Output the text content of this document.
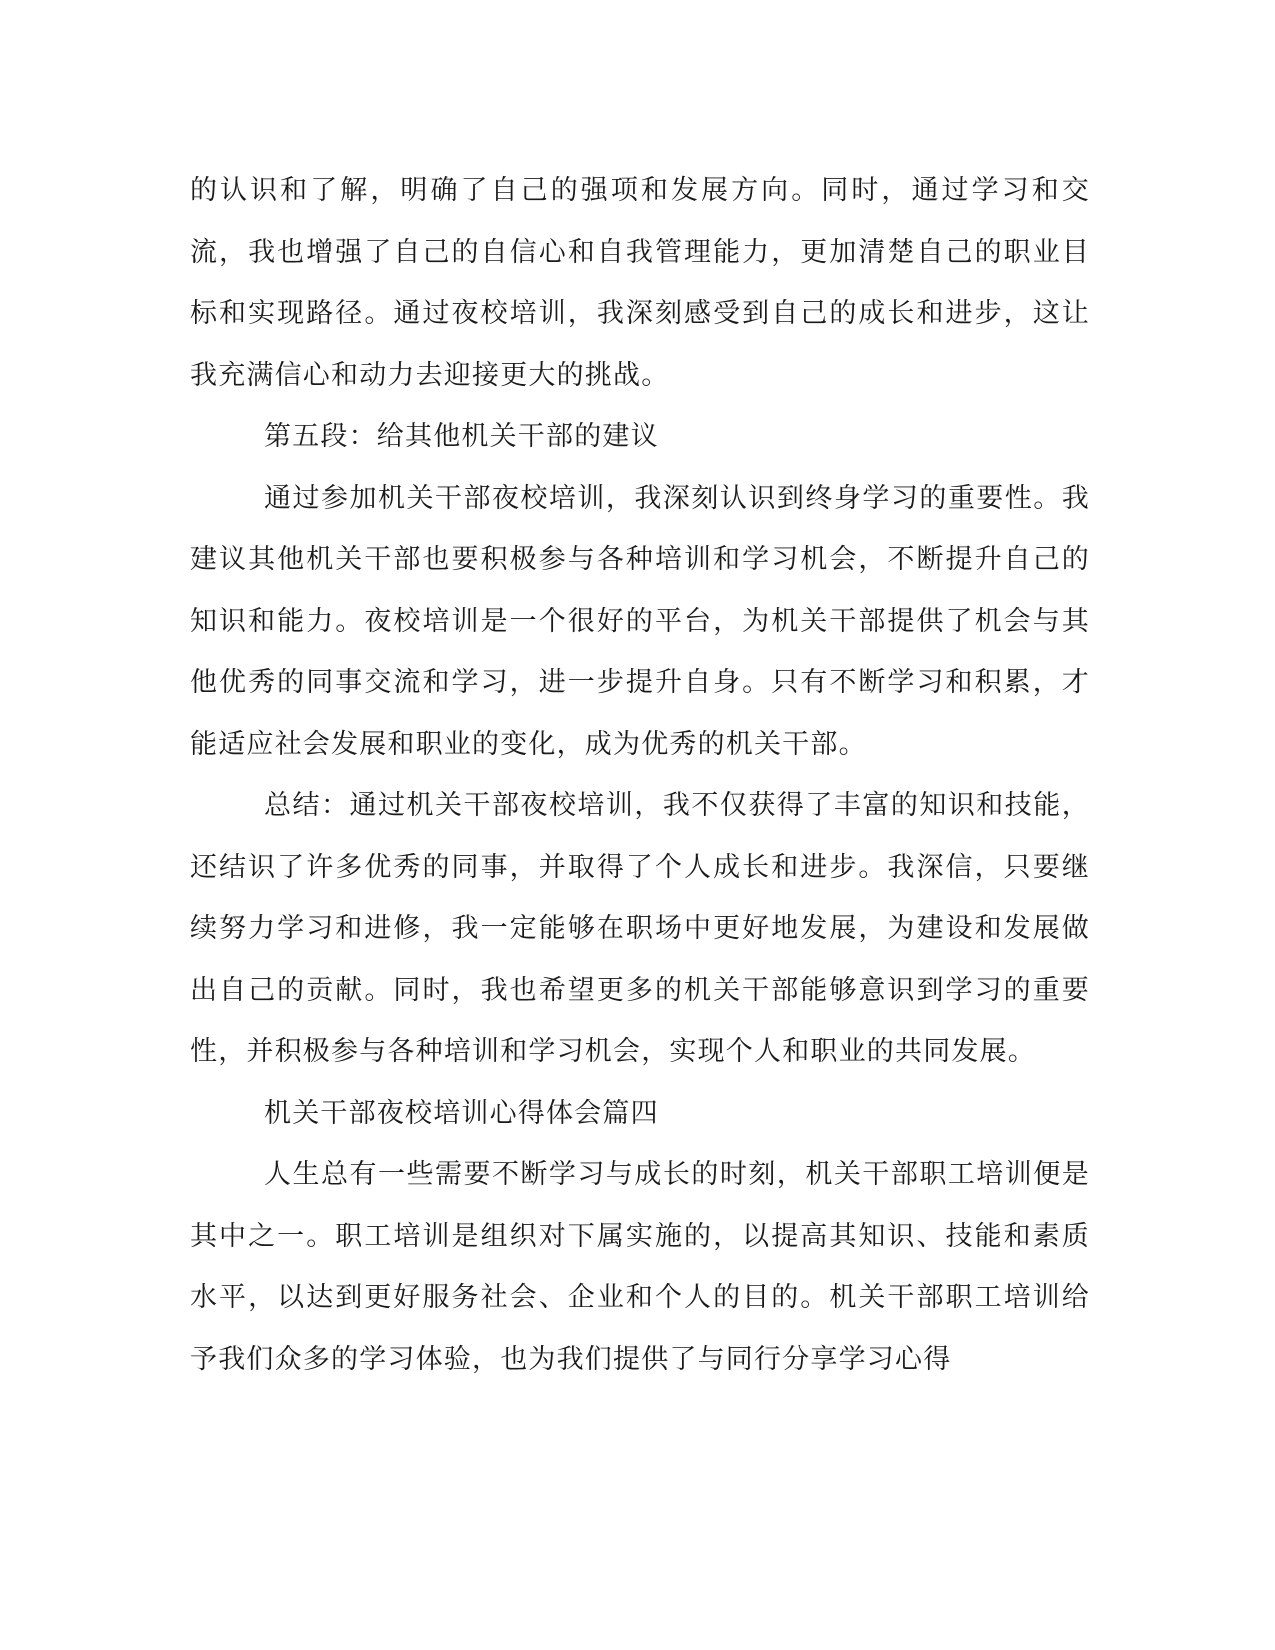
的认识和了解，明确了自己的强项和发展方向。同时，通过学习和交流，我也增强了自己的自信心和自我管理能力，更加清楚自己的职业目标和实现路径。通过夜校培训，我深刻感受到自己的成长和进步，这让我充满信心和动力去迎接更大的挑战。

第五段：给其他机关干部的建议

通过参加机关干部夜校培训，我深刻认识到终身学习的重要性。我建议其他机关干部也要积极参与各种培训和学习机会，不断提升自己的知识和能力。夜校培训是一个很好的平台，为机关干部提供了机会与其他优秀的同事交流和学习，进一步提升自身。只有不断学习和积累，才能适应社会发展和职业的变化，成为优秀的机关干部。

总结：通过机关干部夜校培训，我不仅获得了丰富的知识和技能，还结识了许多优秀的同事，并取得了个人成长和进步。我深信，只要继续努力学习和进修，我一定能够在职场中更好地发展，为建设和发展做出自己的贡献。同时，我也希望更多的机关干部能够意识到学习的重要性，并积极参与各种培训和学习机会，实现个人和职业的共同发展。

机关干部夜校培训心得体会篇四

人生总有一些需要不断学习与成长的时刻，机关干部职工培训便是其中之一。职工培训是组织对下属实施的，以提高其知识、技能和素质水平，以达到更好服务社会、企业和个人的目的。机关干部职工培训给予我们众多的学习体验，也为我们提供了与同行分享学习心得
